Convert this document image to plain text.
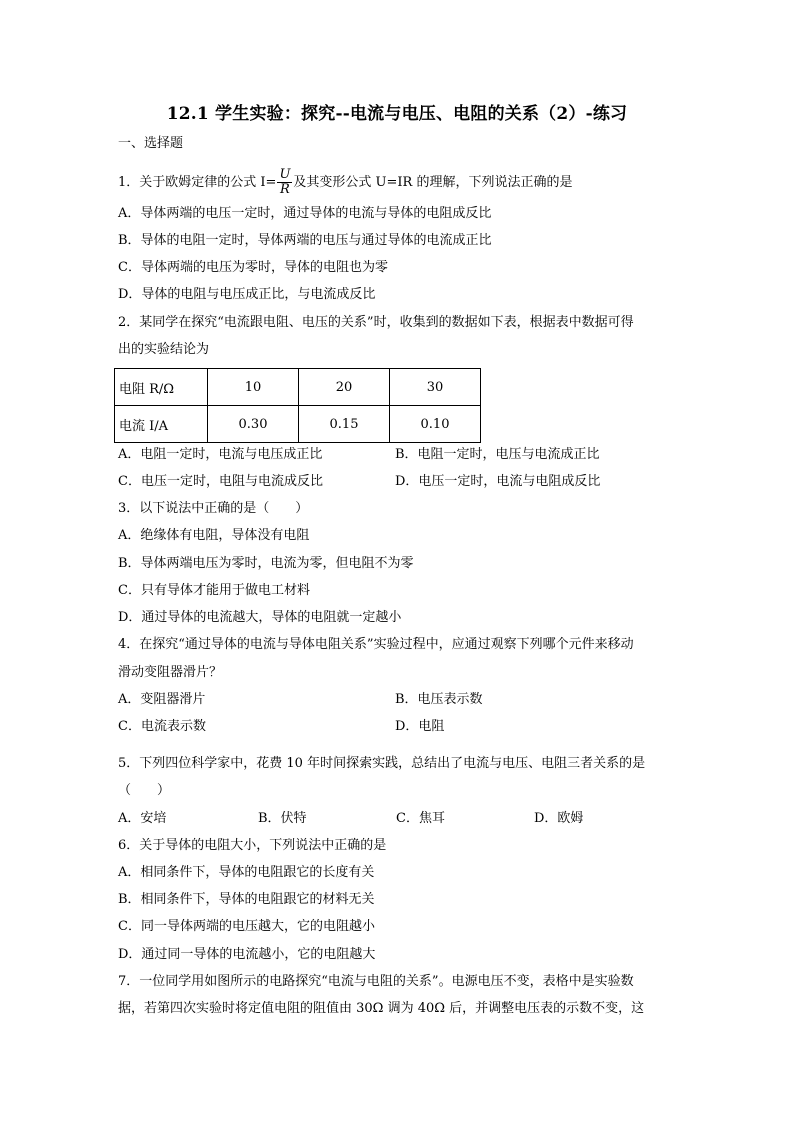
12.1 学生实验：探究--电流与电压、电阻的关系（2）-练习
一、选择题
1．关于欧姆定律的公式 $I= \frac{U}{R}$ 及其变形公式 U=IR 的理解，下列说法正确的是
A．导体两端的电压一定时，通过导体的电流与导体的电阻成反比
B．导体的电阻一定时，导体两端的电压与通过导体的电流成正比
C．导体两端的电压为零时，导体的电阻也为零
D．导体的电阻与电压成正比，与电流成反比
2．某同学在探究“电流跟电阻、电压的关系”时，收集到的数据如下表，根据表中数据可得
出的实验结论为
电阻 R/Ω	10	20	30
电流 I/A	0.30	0.15	0.10
A．电阻一定时，电流与电压成正比	B．电阻一定时，电压与电流成正比
C．电压一定时，电阻与电流成反比	D．电压一定时，电流与电阻成反比
3．以下说法中正确的是（　　）
A．绝缘体有电阻，导体没有电阻
B．导体两端电压为零时，电流为零，但电阻不为零
C．只有导体才能用于做电工材料
D．通过导体的电流越大，导体的电阻就一定越小
4．在探究“通过导体的电流与导体电阻关系”实验过程中，应通过观察下列哪个元件来移动
滑动变阻器滑片？
A．变阻器滑片	B．电压表示数
C．电流表示数	D．电阻
5．下列四位科学家中，花费 10 年时间探索实践，总结出了电流与电压、电阻三者关系的是
（　　）
A．安培	B．伏特	C．焦耳	D．欧姆
6．关于导体的电阻大小，下列说法中正确的是
A．相同条件下，导体的电阻跟它的长度有关
B．相同条件下，导体的电阻跟它的材料无关
C．同一导体两端的电压越大，它的电阻越小
D．通过同一导体的电流越小，它的电阻越大
7．一位同学用如图所示的电路探究“电流与电阻的关系”。电源电压不变，表格中是实验数
据，若第四次实验时将定值电阻的阻值由 30Ω 调为 40Ω 后，并调整电压表的示数不变，这
